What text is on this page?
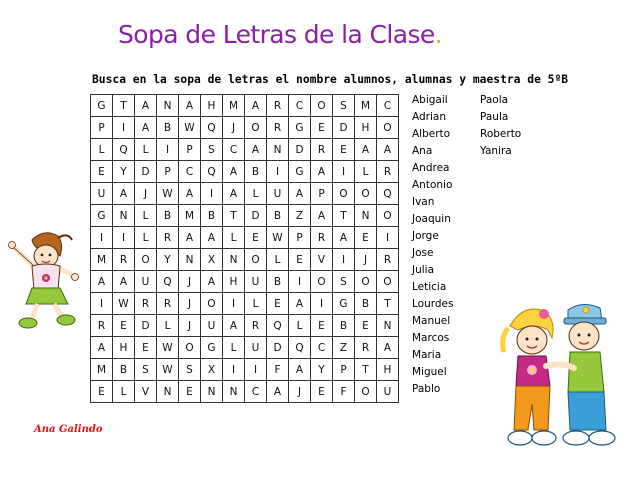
Sopa de Letras de la Clase.
Busca en la sopa de letras el nombre alumnos, alumnas y maestra de 5ºB
G	T	A	N	A	H	M	A	R	C	O	S	M	C
P	I	A	B	W	Q	J	O	R	G	E	D	H	O
L	Q	L	I	P	S	C	A	N	D	R	E	A	A
E	Y	D	P	C	Q	A	B	I	G	A	I	L	R
U	A	J	W	A	I	A	L	U	A	P	O	O	Q
G	N	L	B	M	B	T	D	B	Z	A	T	N	O
I	I	L	R	A	A	L	E	W	P	R	A	E	I
M	R	O	Y	N	X	N	O	L	E	V	I	J	R
A	A	U	Q	J	A	H	U	B	I	O	S	O	O
I	W	R	R	J	O	I	L	E	A	I	G	B	T
R	E	D	L	J	U	A	R	Q	L	E	B	E	N
A	H	E	W	O	G	L	U	D	Q	C	Z	R	A
M	B	S	W	S	X	I	I	F	A	Y	P	T	H
E	L	V	N	E	N	N	C	A	J	E	F	O	U
Abigail
Adrian
Alberto
Ana
Andrea
Antonio
Ivan
Joaquin
Jorge
Jose
Julia
Leticia
Lourdes
Manuel
Marcos
Maria
Miguel
Pablo
Paola
Paula
Roberto
Yanira
Ana Galindo
